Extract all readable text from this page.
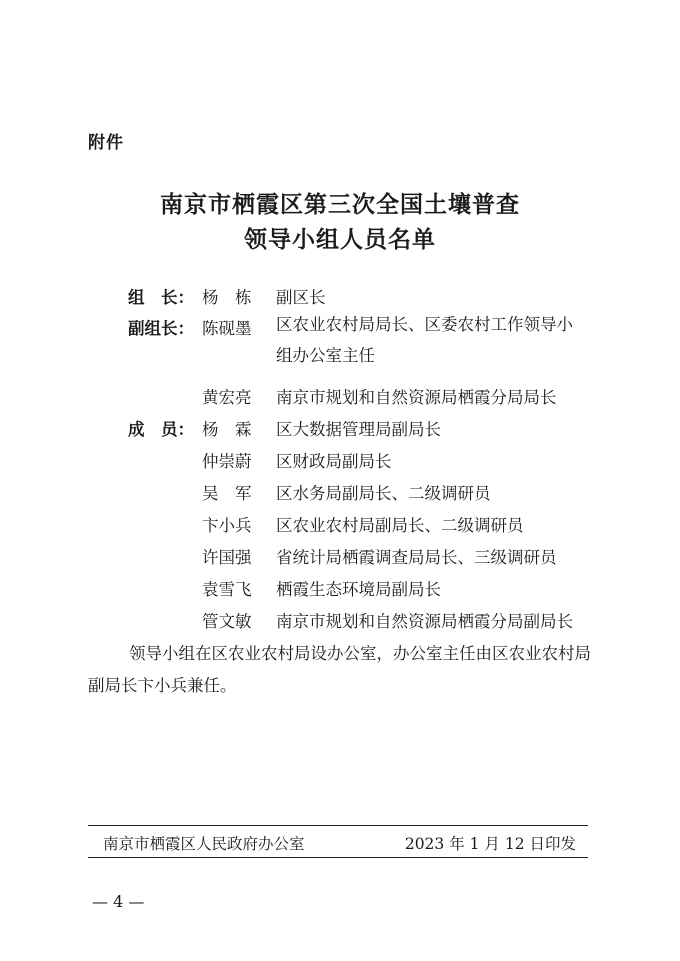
附件
南京市栖霞区第三次全国土壤普查
领导小组人员名单
组　长： 杨　栋	副区长
副组长： 陈砚墨	区农业农村局局长、区委农村工作领导小组办公室主任
黄宏亮	南京市规划和自然资源局栖霞分局局长
成　员： 杨　霖	区大数据管理局副局长
仲崇蔚	区财政局副局长
吴　军	区水务局副局长、二级调研员
卞小兵	区农业农村局副局长、二级调研员
许国强	省统计局栖霞调查局局长、三级调研员
袁雪飞	栖霞生态环境局副局长
管文敏	南京市规划和自然资源局栖霞分局副局长
领导小组在区农业农村局设办公室，办公室主任由区农业农村局副局长卞小兵兼任。
南京市栖霞区人民政府办公室	2023 年 1 月 12 日印发
— 4 —
